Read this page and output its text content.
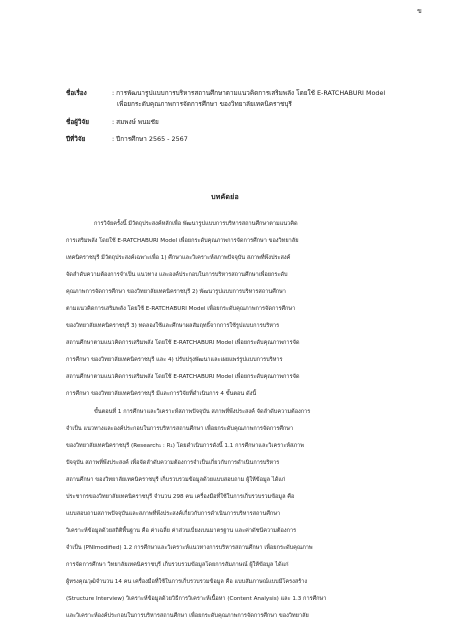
ข
ชื่อเรื่อง	: การพัฒนารูปแบบการบริหารสถานศึกษาตามแนวคิดการเสริมพลัง โดยใช้ E-RATCHABURI Model
เพื่อยกระดับคุณภาพการจัดการศึกษา ของวิทยาลัยเทคนิคราชบุรี
ชื่อผู้วิจัย	: สมพงษ์ พนมชัย
ปีที่วิจัย	: ปีการศึกษา 2565 - 2567
บทคัดย่อ
การวิจัยครั้งนี้ มีวัตถุประสงค์หลักเพื่อ พัฒนารูปแบบการบริหารสถานศึกษาตามแนวคิด
การเสริมพลัง โดยใช้ E-RATCHABURI Model เพื่อยกระดับคุณภาพการจัดการศึกษา ของวิทยาลัย
เทคนิคราชบุรี มีวัตถุประสงค์เฉพาะเพื่อ 1) ศึกษาและวิเคราะห์สภาพปัจจุบัน สภาพที่พึงประสงค์
จัดลำดับความต้องการจำเป็น แนวทาง และองค์ประกอบในการบริหารสถานศึกษาเพื่อยกระดับ
คุณภาพการจัดการศึกษา ของวิทยาลัยเทคนิคราชบุรี 2) พัฒนารูปแบบการบริหารสถานศึกษา
ตามแนวคิดการเสริมพลัง โดยใช้ E-RATCHABURI Model เพื่อยกระดับคุณภาพการจัดการศึกษา
ของวิทยาลัยเทคนิคราชบุรี 3) ทดลองใช้และศึกษาผลสัมฤทธิ์จากการใช้รูปแบบการบริหาร
สถานศึกษาตามแนวคิดการเสริมพลัง โดยใช้ E-RATCHABURI Model เพื่อยกระดับคุณภาพการจัด
การศึกษา ของวิทยาลัยเทคนิคราชบุรี และ 4) ปรับปรุงพัฒนาและเผยแพร่รูปแบบการบริหาร
สถานศึกษาตามแนวคิดการเสริมพลัง โดยใช้ E-RATCHABURI Model เพื่อยกระดับคุณภาพการจัด
การศึกษา ของวิทยาลัยเทคนิคราชบุรี มีและการวิจัยที่ดำเนินการ 4 ขั้นตอน ดังนี้
ขั้นตอนที่ 1 การศึกษาและวิเคราะห์สภาพปัจจุบัน สภาพที่พึงประสงค์ จัดลำดับความต้องการ
จำเป็น แนวทางและองค์ประกอบในการบริหารสถานศึกษา เพื่อยกระดับคุณภาพการจัดการศึกษา
ของวิทยาลัยเทคนิคราชบุรี (Research₁ : R₁) โดยดำเนินการดังนี้ 1.1 การศึกษาและวิเคราะห์สภาพ
ปัจจุบัน สภาพที่พึงประสงค์ เพื่อจัดลำดับความต้องการจำเป็นเกี่ยวกับการดำเนินการบริหาร
สถานศึกษา ของวิทยาลัยเทคนิคราชบุรี เก็บรวบรวมข้อมูลด้วยแบบสอบถาม ผู้ให้ข้อมูล ได้แก่
ประชากรของวิทยาลัยเทคนิคราชบุรี จำนวน 298 คน เครื่องมือที่ใช้ในการเก็บรวบรวมข้อมูล คือ
แบบสอบถามสภาพปัจจุบันและสภาพที่พึงประสงค์เกี่ยวกับการดำเนินการบริหารสถานศึกษา
วิเคราะห์ข้อมูลด้วยสถิติพื้นฐาน คือ ค่าเฉลี่ย ค่าส่วนเบี่ยงเบนมาตรฐาน และค่าดัชนีความต้องการ
จำเป็น (PNImodified) 1.2 การศึกษาและวิเคราะห์แนวทางการบริหารสถานศึกษา เพื่อยกระดับคุณภาพ
การจัดการศึกษา วิทยาลัยเทคนิคราชบุรี เก็บรวบรวมข้อมูลโดยการสัมภาษณ์ ผู้ให้ข้อมูล ได้แก่
ผู้ทรงคุณวุฒิจำนวน 14 คน เครื่องมือที่ใช้ในการเก็บรวบรวมข้อมูล คือ แบบสัมภาษณ์แบบมีโครงสร้าง
(Structure Interview) วิเคราะห์ข้อมูลด้วยวิธีการวิเคราะห์เนื้อหา (Content Analysis) และ 1.3 การศึกษา
และวิเคราะห์องค์ประกอบในการบริหารสถานศึกษา เพื่อยกระดับคุณภาพการจัดการศึกษา ของวิทยาลัย
